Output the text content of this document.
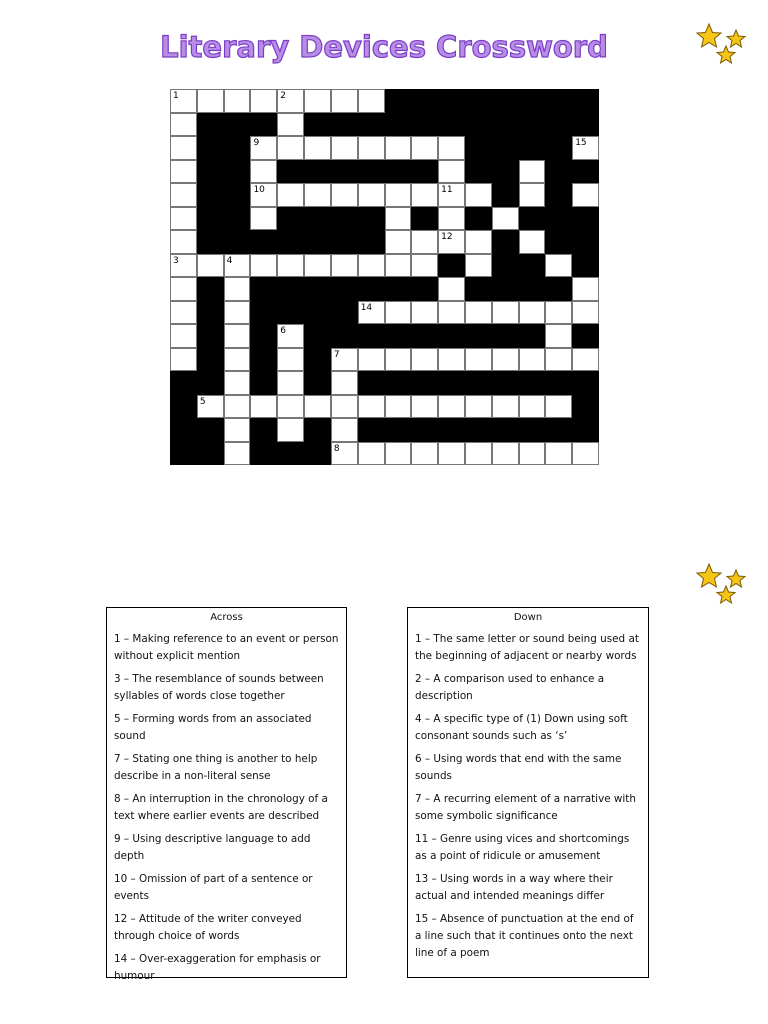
Literary Devices Crossword
1	2
9	15
10	11
12
3	4
14
6
7
5
8
Across
1 – Making reference to an event or person without explicit mention
3 – The resemblance of sounds between syllables of words close together
5 – Forming words from an associated sound
7 – Stating one thing is another to help describe in a non-literal sense
8 – An interruption in the chronology of a text where earlier events are described
9 – Using descriptive language to add depth
10 – Omission of part of a sentence or events
12 – Attitude of the writer conveyed through choice of words
14 – Over-exaggeration for emphasis or humour
Down
1 – The same letter or sound being used at the beginning of adjacent or nearby words
2 – A comparison used to enhance a description
4 – A specific type of (1) Down using soft consonant sounds such as ‘s’
6 – Using words that end with the same sounds
7 – A recurring element of a narrative with some symbolic significance
11 – Genre using vices and shortcomings as a point of ridicule or amusement
13 – Using words in a way where their actual and intended meanings differ
15 – Absence of punctuation at the end of a line such that it continues onto the next line of a poem
